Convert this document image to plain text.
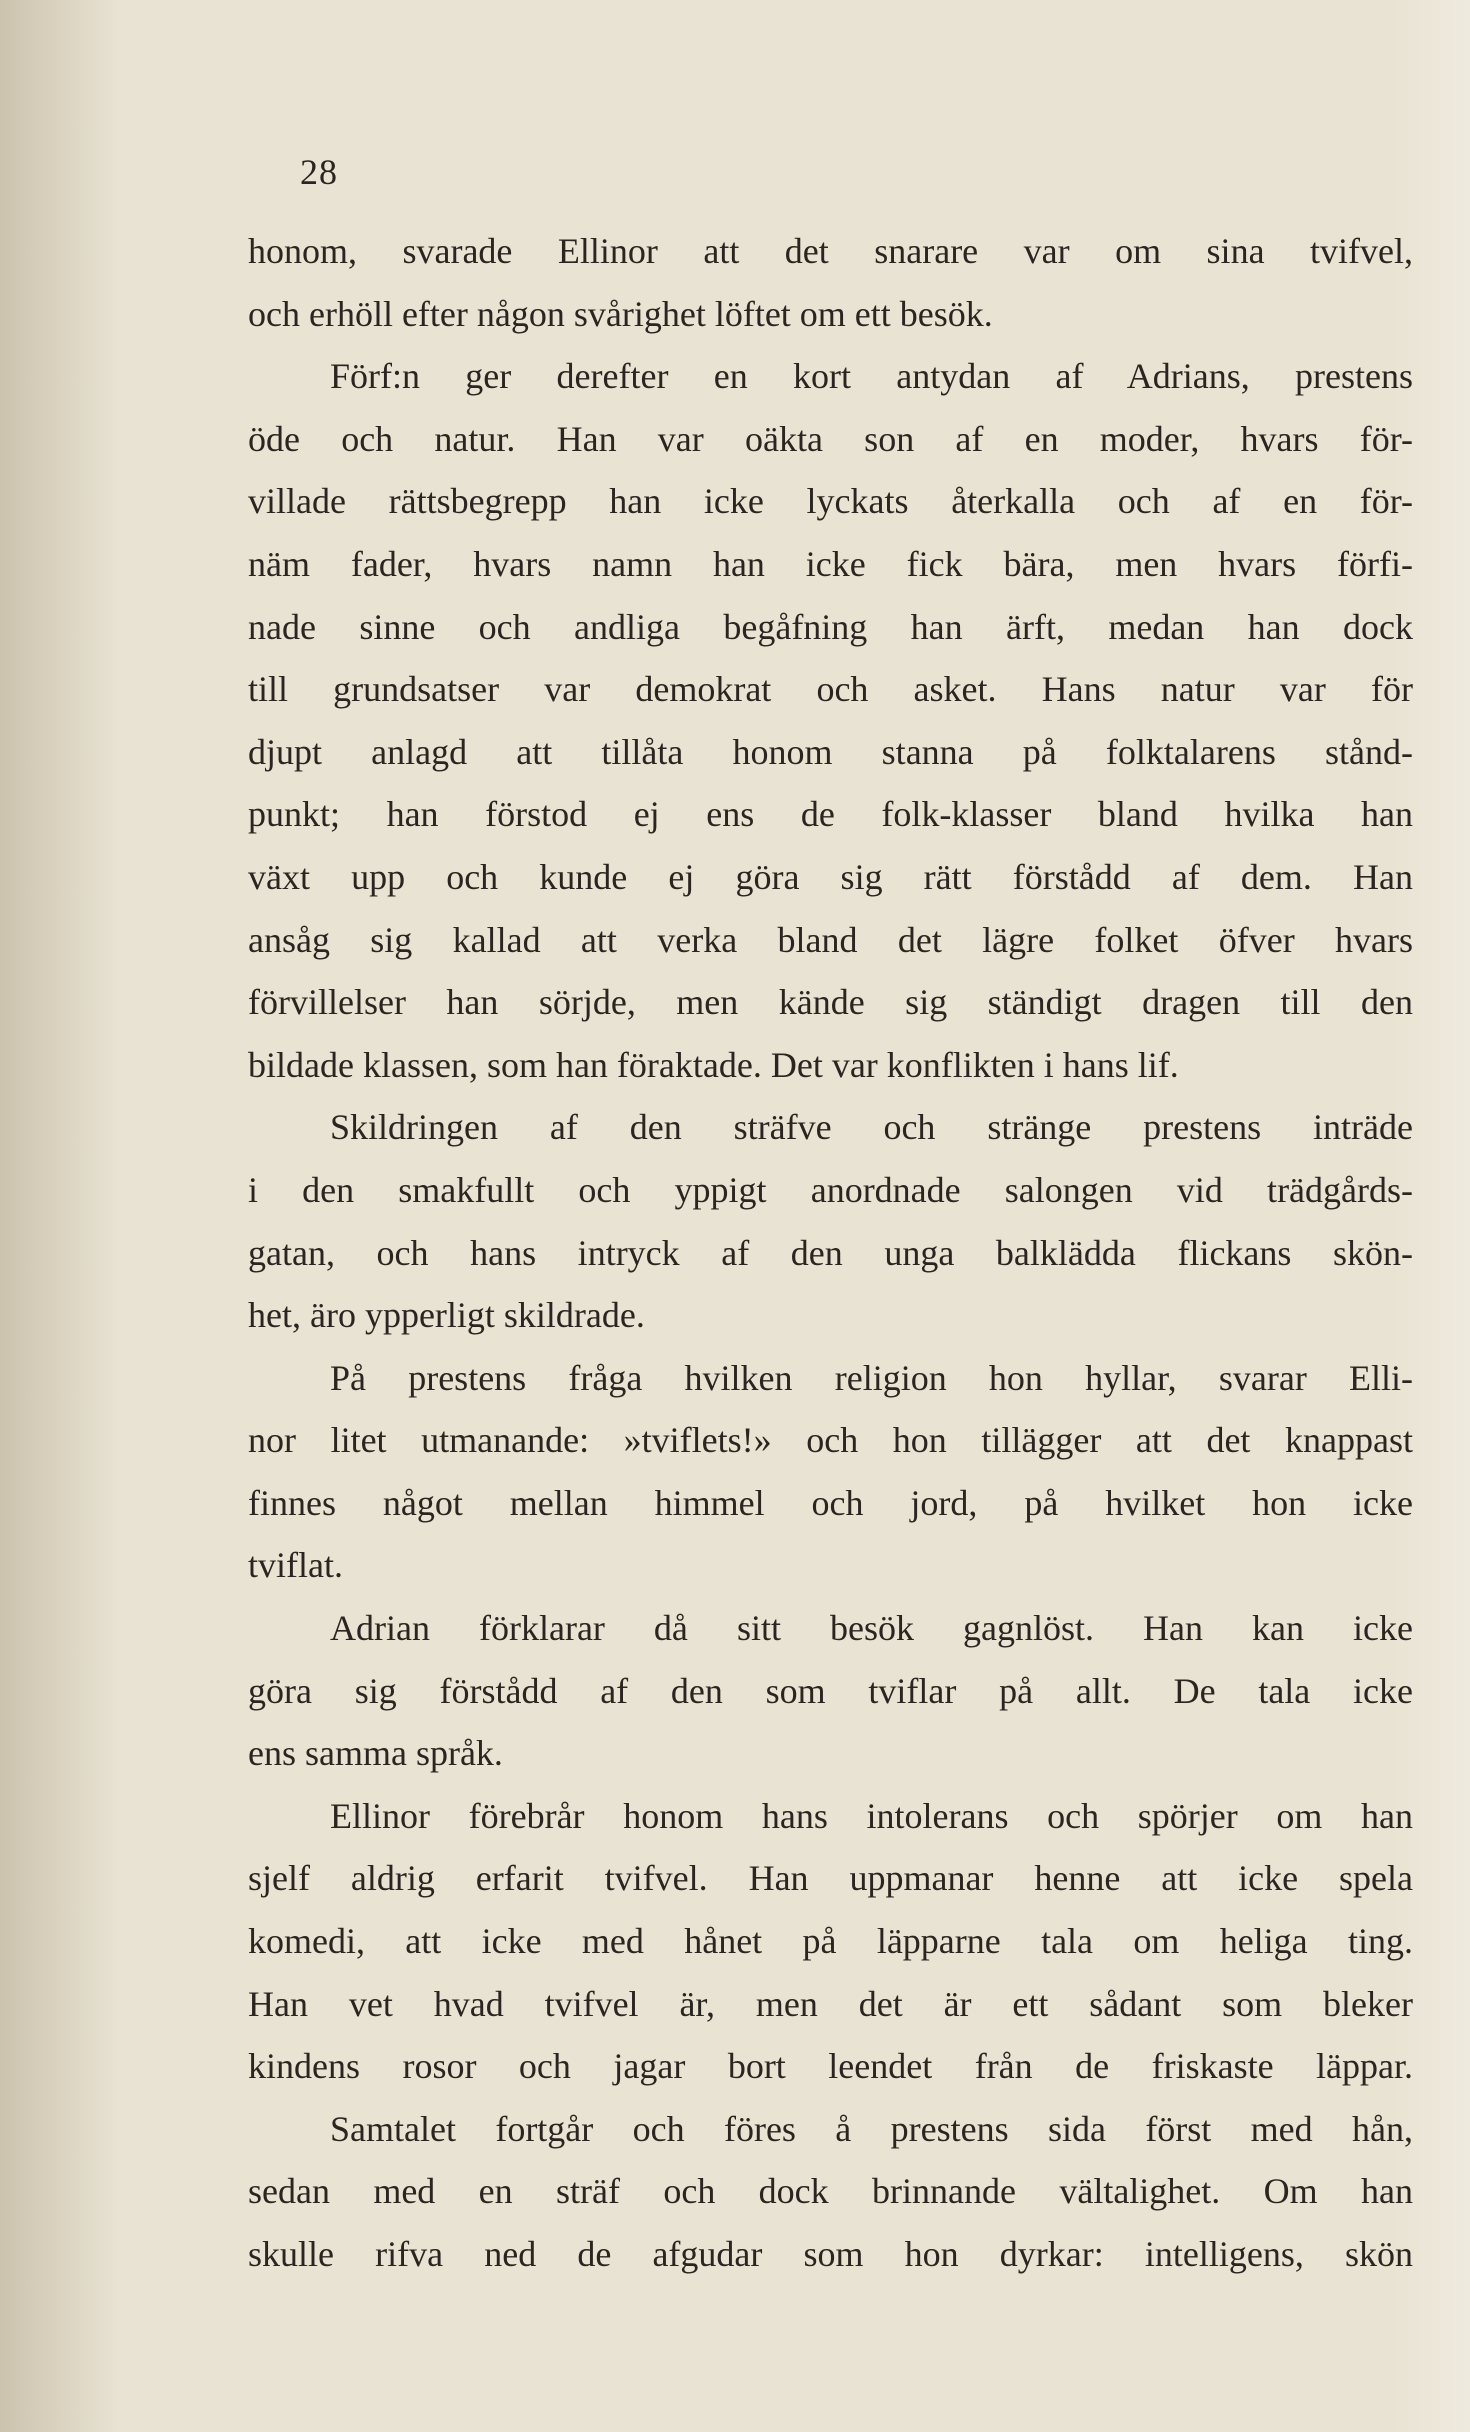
28
honom, svarade Ellinor att det snarare var om sina tvifvel,
och erhöll efter någon svårighet löftet om ett besök.
Förf:n ger derefter en kort antydan af Adrians, prestens
öde och natur. Han var oäkta son af en moder, hvars för-
villade rättsbegrepp han icke lyckats återkalla och af en för-
näm fader, hvars namn han icke fick bära, men hvars förfi-
nade sinne och andliga begåfning han ärft, medan han dock
till grundsatser var demokrat och asket. Hans natur var för
djupt anlagd att tillåta honom stanna på folktalarens stånd-
punkt; han förstod ej ens de folk-klasser bland hvilka han
växt upp och kunde ej göra sig rätt förstådd af dem. Han
ansåg sig kallad att verka bland det lägre folket öfver hvars
förvillelser han sörjde, men kände sig ständigt dragen till den
bildade klassen, som han föraktade. Det var konflikten i hans lif.
Skildringen af den sträfve och stränge prestens inträde
i den smakfullt och yppigt anordnade salongen vid trädgårds-
gatan, och hans intryck af den unga balklädda flickans skön-
het, äro ypperligt skildrade.
På prestens fråga hvilken religion hon hyllar, svarar Elli-
nor litet utmanande: »tviflets!» och hon tillägger att det knappast
finnes något mellan himmel och jord, på hvilket hon icke
tviflat.
Adrian förklarar då sitt besök gagnlöst. Han kan icke
göra sig förstådd af den som tviflar på allt. De tala icke
ens samma språk.
Ellinor förebrår honom hans intolerans och spörjer om han
sjelf aldrig erfarit tvifvel. Han uppmanar henne att icke spela
komedi, att icke med hånet på läpparne tala om heliga ting.
Han vet hvad tvifvel är, men det är ett sådant som bleker
kindens rosor och jagar bort leendet från de friskaste läppar.
Samtalet fortgår och föres å prestens sida först med hån,
sedan med en sträf och dock brinnande vältalighet. Om han
skulle rifva ned de afgudar som hon dyrkar: intelligens, skön
